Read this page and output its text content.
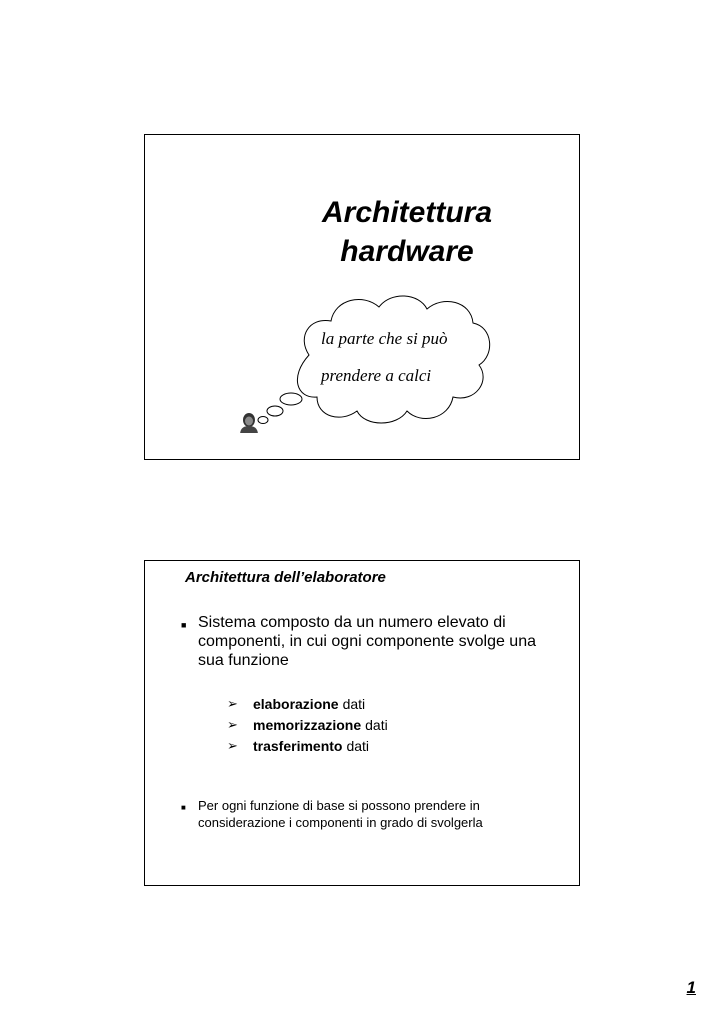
Architettura
hardware
la parte che si può
prendere a calci
Architettura dell’elaboratore
■ Sistema composto da un numero elevato di componenti, in cui ogni componente svolge una sua funzione
➢	elaborazione dati
➢	memorizzazione dati
➢	trasferimento dati
■ Per ogni funzione di base si possono prendere in considerazione i componenti in grado di svolgerla
1
